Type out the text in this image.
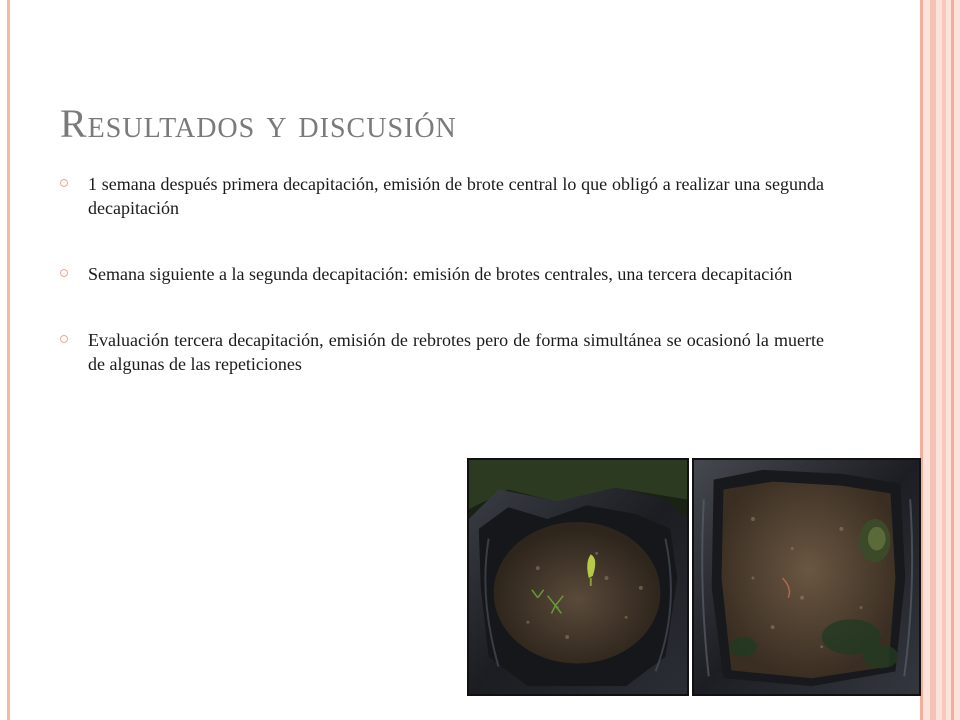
Resultados y discusión
1 semana después primera decapitación, emisión de brote central lo que obligó a realizar una segunda decapitación
Semana siguiente a la segunda decapitación: emisión de brotes centrales, una tercera decapitación
Evaluación tercera decapitación, emisión de rebrotes pero de forma simultánea se ocasionó la muerte de algunas de las repeticiones
